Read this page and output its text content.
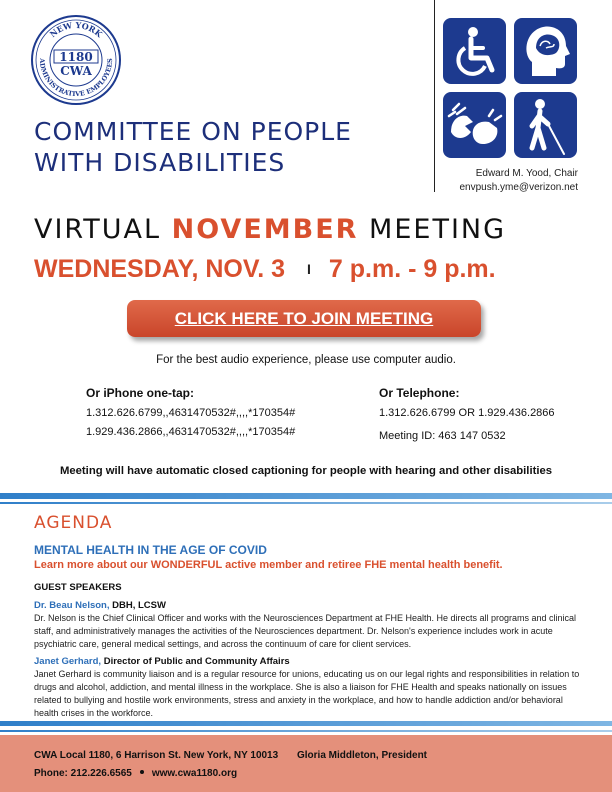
NEW YORK
ADMINISTRATIVE EMPLOYEES
1180
CWA
COMMITTEE ON PEOPLE
WITH DISABILITIES	Edward M. Yood, Chair
envpush.yme@verizon.net
VIRTUAL NOVEMBER MEETING
WEDNESDAY, NOV. 3 I 7 p.m. - 9 p.m.
CLICK HERE TO JOIN MEETING
For the best audio experience, please use computer audio.
Or iPhone one-tap:
1.312.626.6799,,4631470532#,,,,*170354#
1.929.436.2866,,4631470532#,,,,*170354#
Or Telephone:
1.312.626.6799 OR 1.929.436.2866
Meeting ID: 463 147 0532
Meeting will have automatic closed captioning for people with hearing and other disabilities
AGENDA
MENTAL HEALTH IN THE AGE OF COVID
Learn more about our WONDERFUL active member and retiree FHE mental health benefit.
GUEST SPEAKERS
Dr. Beau Nelson, DBH, LCSW
Dr. Nelson is the Chief Clinical Officer and works with the Neurosciences Department at FHE Health. He directs all programs and clinical staff, and administratively manages the activities of the Neurosciences department. Dr. Nelson's experience includes work in acute psychiatric care, general medical settings, and across the continuum of care for client services.
Janet Gerhard, Director of Public and Community Affairs
Janet Gerhard is community liaison and is a regular resource for unions, educating us on our legal rights and responsibilities in relation to drugs and alcohol, addiction, and mental illness in the workplace. She is also a liaison for FHE Health and speaks nationally on issues related to bullying and hostile work environments, stress and anxiety in the workplace, and how to handle addiction and/or behavioral health crises in the workforce.
CWA Local 1180, 6 Harrison St. New York, NY 10013 Gloria Middleton, President
Phone: 212.226.6565 www.cwa1180.org
